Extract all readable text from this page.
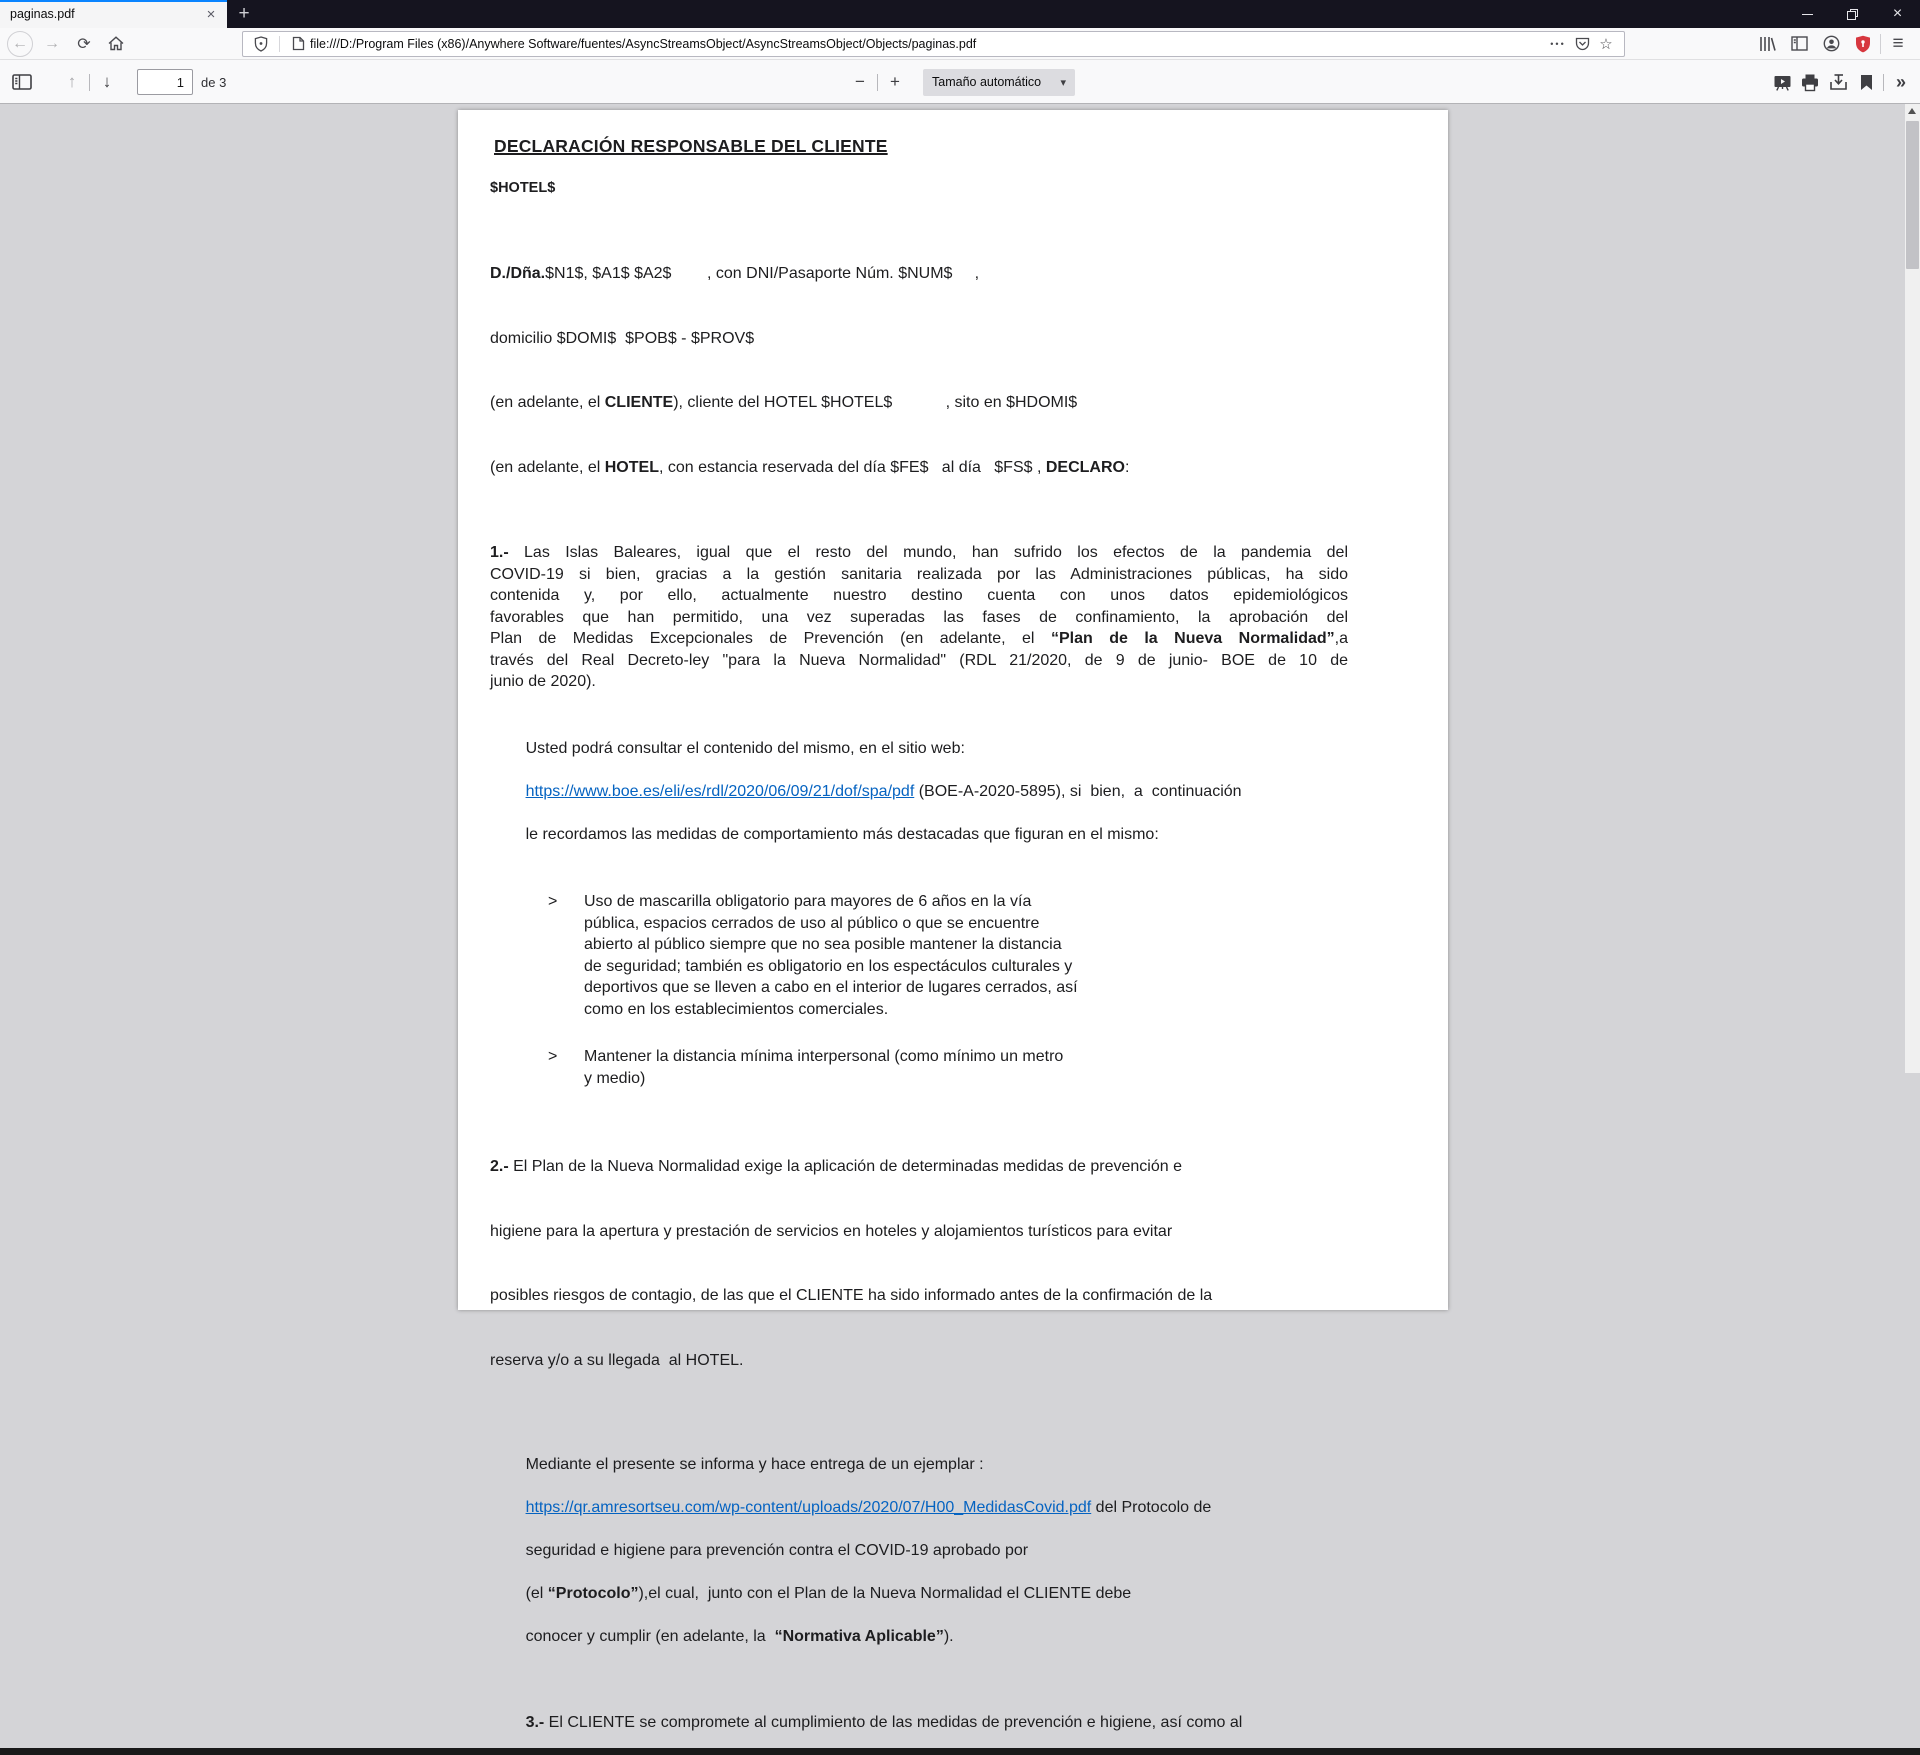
paginas.pdf	×	+	×
←	→ ⟳	file:///D:/Program Files (x86)/Anywhere Software/fuentes/AsyncStreamsObject/AsyncStreamsObject/Objects/paginas.pdf	•••	☆	≡
↑ ↓
1	de 3	− +	Tamaño automático	▾	»
DECLARACIÓN RESPONSABLE DEL CLIENTE
$HOTEL$

D./Dña.$N1$, $A1$ $A2$        , con DNI/Pasaporte Núm. $NUM$     ,

domicilio $DOMI$  $POB$ - $PROV$

(en adelante, el CLIENTE), cliente del HOTEL $HOTEL$            , sito en $HDOMI$

(en adelante, el HOTEL, con estancia reservada del día $FE$   al día   $FS$ , DECLARO:

1.- Las Islas Baleares, igual que el resto del mundo, han sufrido los efectos de la pandemia del
COVID-19 si bien, gracias a la gestión sanitaria realizada por las Administraciones públicas, ha sido
contenida y, por ello, actualmente nuestro destino cuenta con unos datos epidemiológicos
favorables que han permitido, una vez superadas las fases de confinamiento, la aprobación del
Plan de Medidas Excepcionales de Prevención (en adelante, el “Plan de la Nueva Normalidad”,a
través del Real Decreto-ley "para la Nueva Normalidad" (RDL 21/2020, de 9 de junio- BOE de 10 de
junio de 2020).

Usted podrá consultar el contenido del mismo, en el sitio web:

https://www.boe.es/eli/es/rdl/2020/06/09/21/dof/spa/pdf (BOE-A-2020-5895), si  bien,  a  continuación

le recordamos las medidas de comportamiento más destacadas que figuran en el mismo:

>	Uso de mascarilla obligatorio para mayores de 6 años en la vía
pública, espacios cerrados de uso al público o que se encuentre
abierto al público siempre que no sea posible mantener la distancia
de seguridad; también es obligatorio en los espectáculos culturales y
deportivos que se lleven a cabo en el interior de lugares cerrados, así
como en los establecimientos comerciales.
>	Mantener la distancia mínima interpersonal (como mínimo un metro
y medio)

2.- El Plan de la Nueva Normalidad exige la aplicación de determinadas medidas de prevención e

higiene para la apertura y prestación de servicios en hoteles y alojamientos turísticos para evitar

posibles riesgos de contagio, de las que el CLIENTE ha sido informado antes de la confirmación de la

reserva y/o a su llegada  al HOTEL.

Mediante el presente se informa y hace entrega de un ejemplar :

https://qr.amresortseu.com/wp-content/uploads/2020/07/H00_MedidasCovid.pdf del Protocolo de

seguridad e higiene para prevención contra el COVID-19 aprobado por

(el “Protocolo”),el cual,  junto con el Plan de la Nueva Normalidad el CLIENTE debe

conocer y cumplir (en adelante, la  “Normativa Aplicable”).

3.- El CLIENTE se compromete al cumplimiento de las medidas de prevención e higiene, así como al
